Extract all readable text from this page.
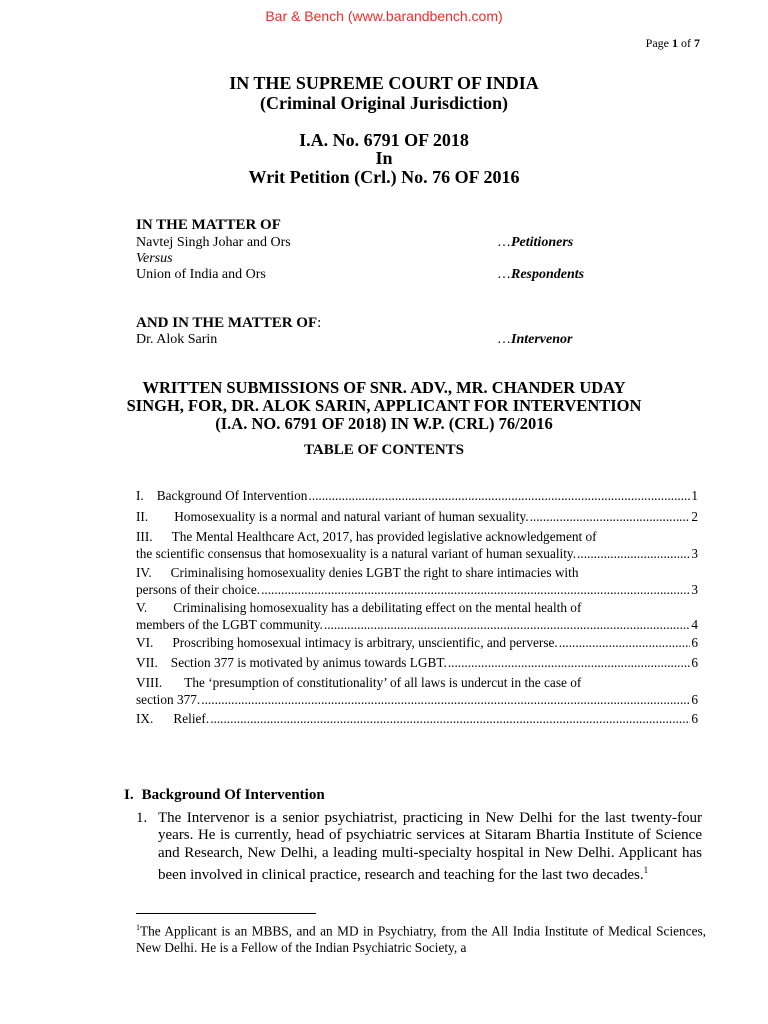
Bar & Bench (www.barandbench.com)
Page 1 of 7
IN THE SUPREME COURT OF INDIA
(Criminal Original Jurisdiction)
I.A. No. 6791 OF 2018
In
Writ Petition (Crl.) No. 76 OF 2016
IN THE MATTER OF
Navtej Singh Johar and Ors	…Petitioners
Versus
Union of India and Ors	…Respondents
AND IN THE MATTER OF:
Dr. Alok Sarin	…Intervenor
WRITTEN SUBMISSIONS OF SNR. ADV., MR. CHANDER UDAY
SINGH, FOR, DR. ALOK SARIN, APPLICANT FOR INTERVENTION
(I.A. NO. 6791 OF 2018) IN W.P. (CRL) 76/2016
TABLE OF CONTENTS
I. Background Of Intervention .....	1
II. Homosexuality is a normal and natural variant of human sexuality. .....	2
III. The Mental Healthcare Act, 2017, has provided legislative acknowledgement of
the scientific consensus that homosexuality is a natural variant of human sexuality. .....	3
IV. Criminalising homosexuality denies LGBT the right to share intimacies with
persons of their choice. .....	3
V. Criminalising homosexuality has a debilitating effect on the mental health of
members of the LGBT community. .....	4
VI. Proscribing homosexual intimacy is arbitrary, unscientific, and perverse. .....	6
VII. Section 377 is motivated by animus towards LGBT. .....	6
VIII. The ‘presumption of constitutionality’ of all laws is undercut in the case of
section 377. .....	6
IX. Relief. .....	6
I. Background Of Intervention
1. The Intervenor is a senior psychiatrist, practicing in New Delhi for the last twenty-four years. He is currently, head of psychiatric services at Sitaram Bhartia Institute of Science and Research, New Delhi, a leading multi-specialty hospital in New Delhi. Applicant has been involved in clinical practice, research and teaching for the last two decades.$^1$
$^1$The Applicant is an MBBS, and an MD in Psychiatry, from the All India Institute of Medical Sciences, New Delhi. He is a Fellow of the Indian Psychiatric Society, a
